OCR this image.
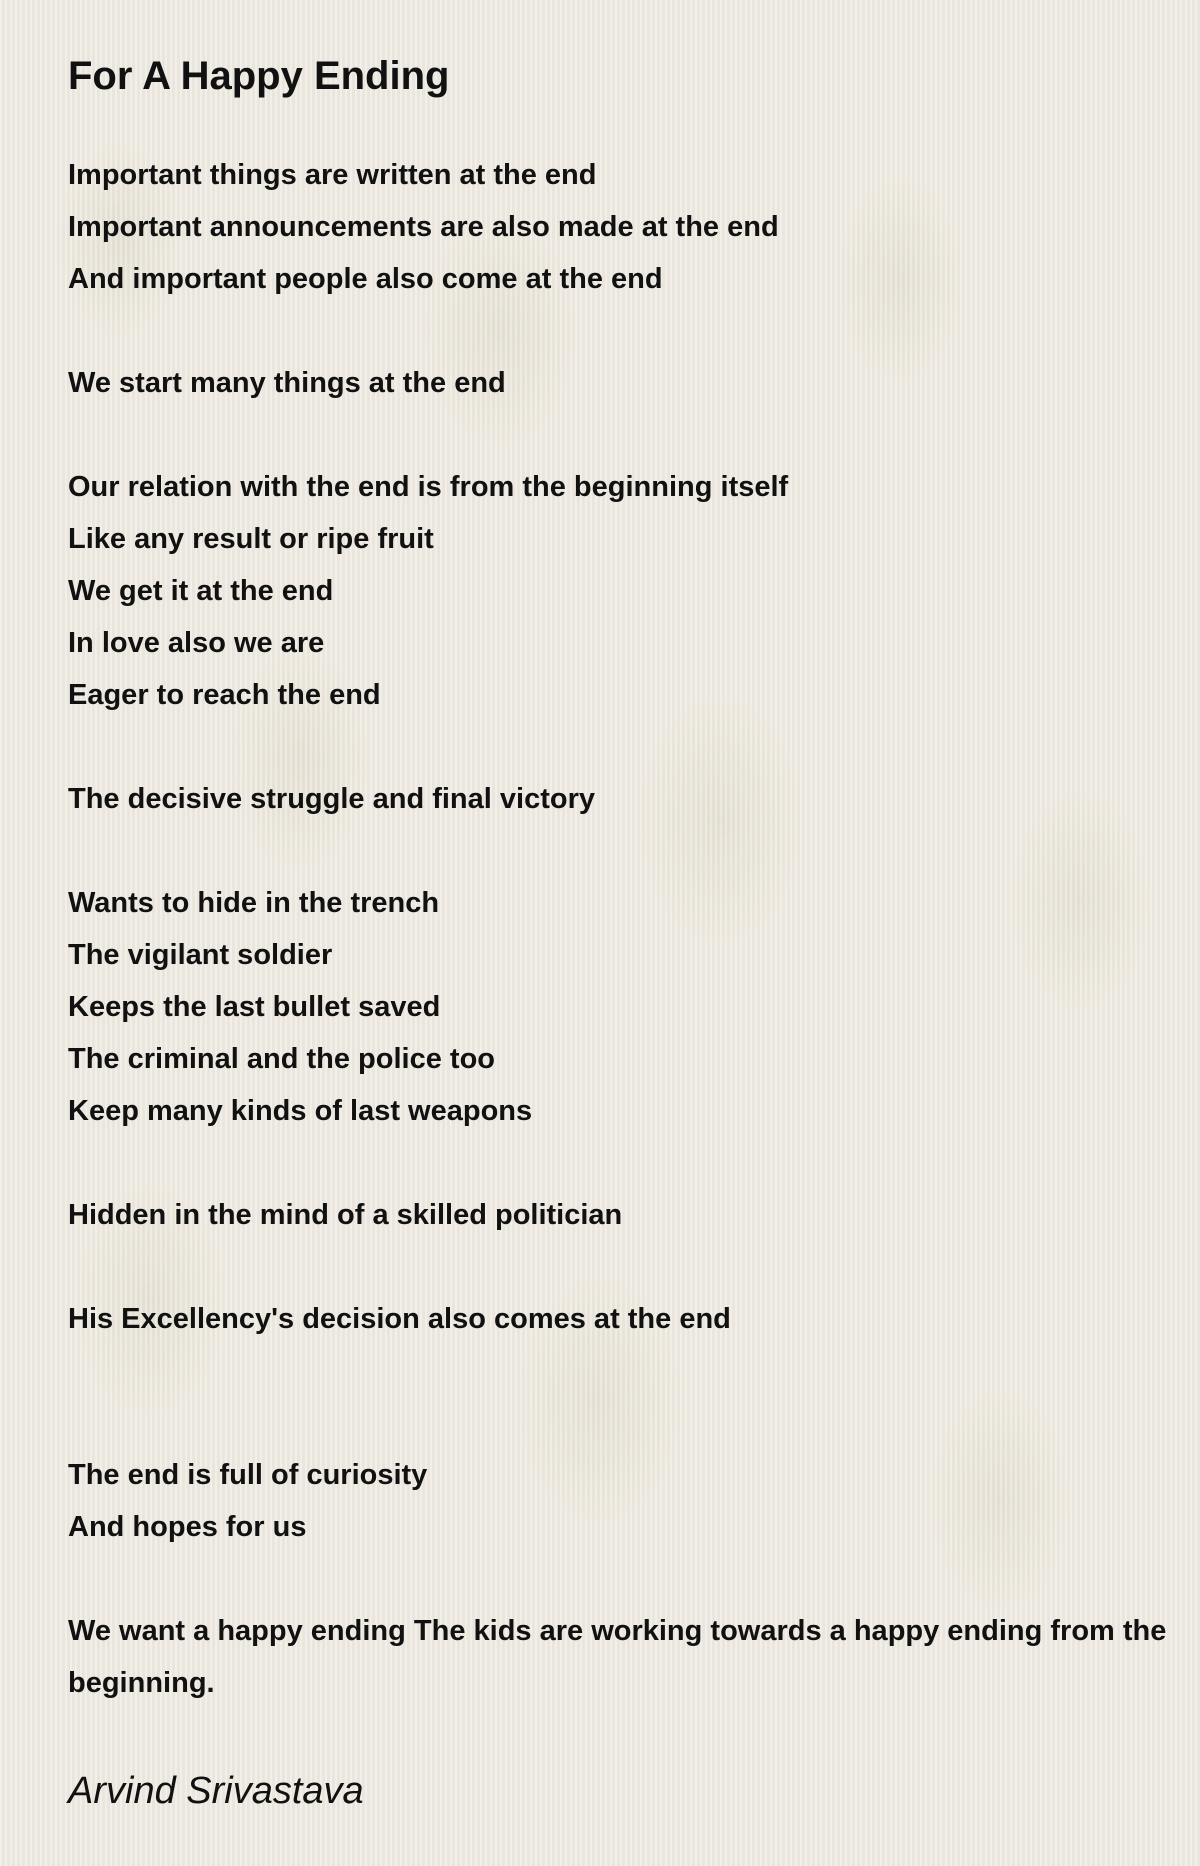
For A Happy Ending
Important things are written at the end
Important announcements are also made at the end
And important people also come at the end
We start many things at the end
Our relation with the end is from the beginning itself
Like any result or ripe fruit
We get it at the end
In love also we are
Eager to reach the end
The decisive struggle and final victory
Wants to hide in the trench
The vigilant soldier
Keeps the last bullet saved
The criminal and the police too
Keep many kinds of last weapons
Hidden in the mind of a skilled politician
His Excellency's decision also comes at the end
The end is full of curiosity
And hopes for us
We want a happy ending The kids are working towards a happy ending from the beginning.
Arvind Srivastava
